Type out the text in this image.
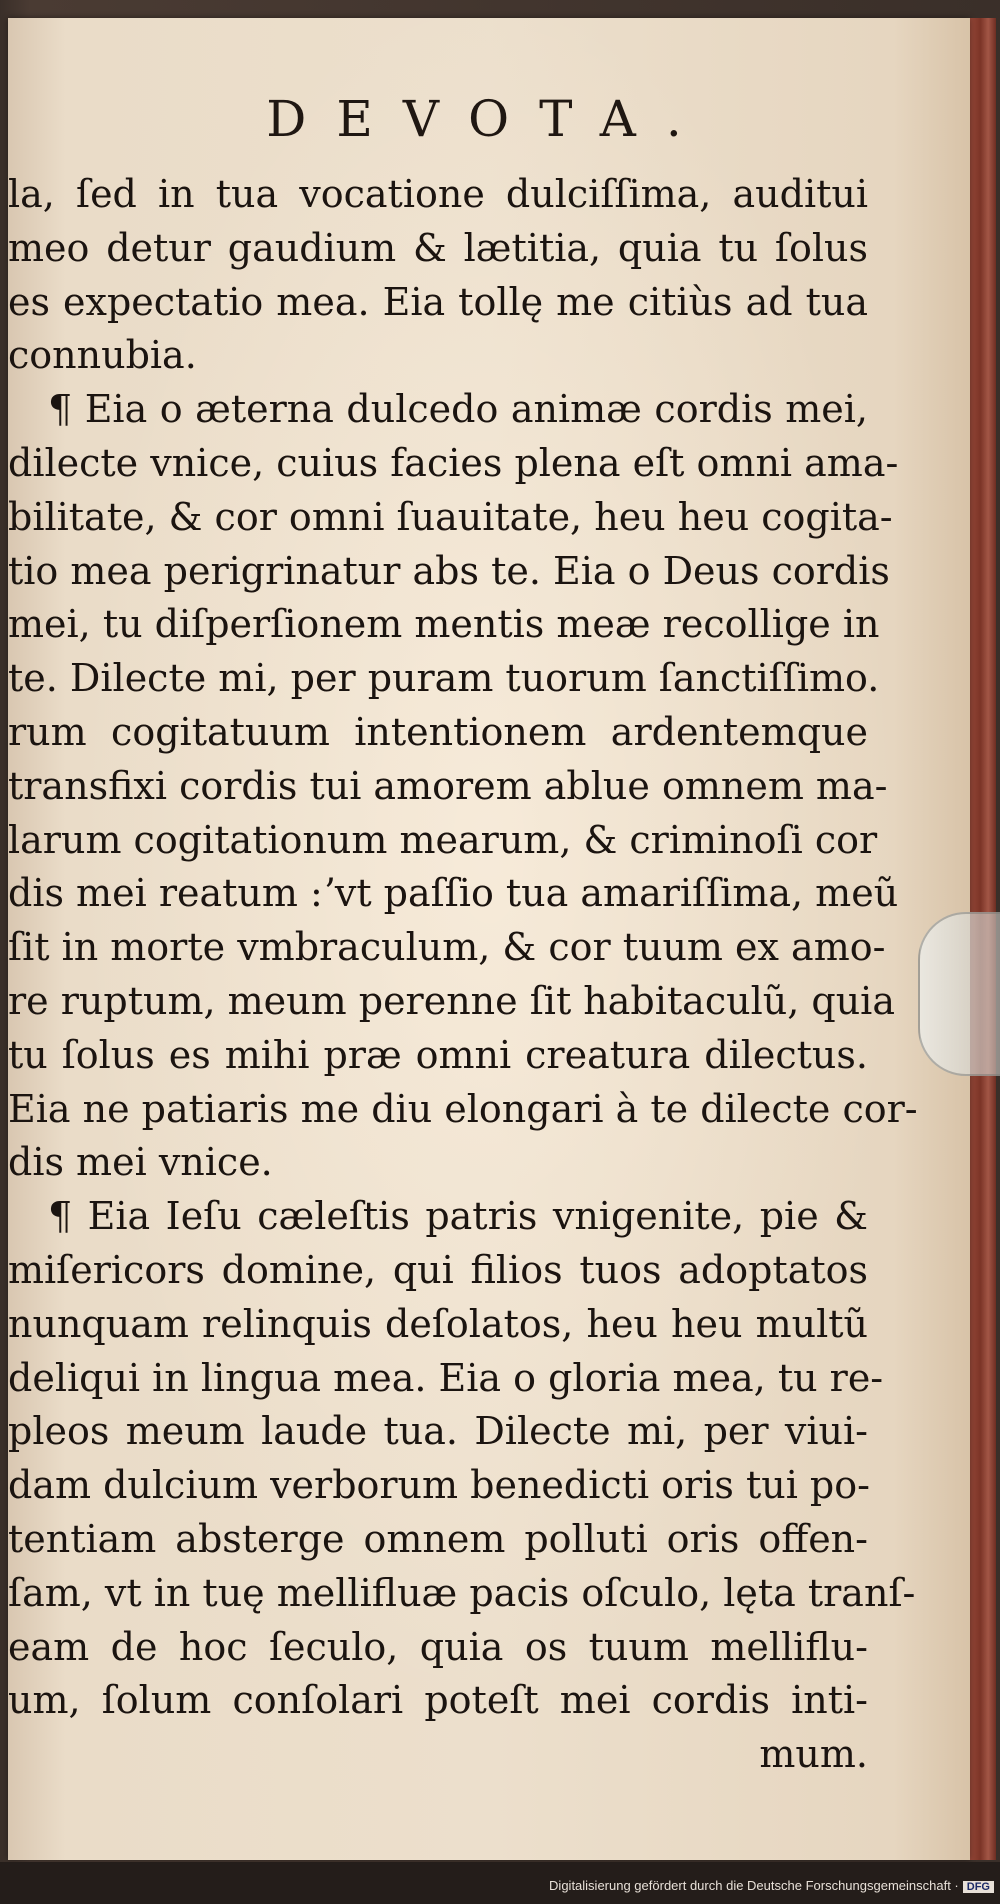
DEVOTA.
la, ſed in tua vocatione dulciſſima, auditui
meo detur gaudium & lætitia, quia tu ſolus
es expectatio mea. Eia tollę me citiùs ad tua
connubia.
¶ Eia o æterna dulcedo animæ cordis mei,
dilecte vnice, cuius facies plena eſt omni ama-
bilitate, & cor omni ſuauitate, heu heu cogita-
tio mea perigrinatur abs te. Eia o Deus cordis
mei, tu diſperſionem mentis meæ recollige in
te. Dilecte mi, per puram tuorum ſanctiſſimo.
rum cogitatuum intentionem ardentemque
transfixi cordis tui amorem ablue omnem ma-
larum cogitationum mearum, & criminoſi cor
dis mei reatum :ʼvt paſſio tua amariſſima, meũ
ſit in morte vmbraculum, & cor tuum ex amo-
re ruptum, meum perenne ſit habitaculũ, quia
tu ſolus es mihi præ omni creatura dilectus.
Eia ne patiaris me diu elongari à te dilecte cor-
dis mei vnice.
¶ Eia Ieſu cæleſtis patris vnigenite, pie &
miſericors domine, qui filios tuos adoptatos
nunquam relinquis deſolatos, heu heu multũ
deliqui in lingua mea. Eia o gloria mea, tu re-
pleos meum laude tua. Dilecte mi, per viui-
dam dulcium verborum benedicti oris tui po-
tentiam absterge omnem polluti oris offen-
ſam, vt in tuę mellifluæ pacis oſculo, lęta tranſ-
eam de hoc ſeculo, quia os tuum melliflu-
um, ſolum conſolari poteſt mei cordis inti-
mum.
Digitalisierung gefördert durch die Deutsche Forschungsgemeinschaft · DFG
